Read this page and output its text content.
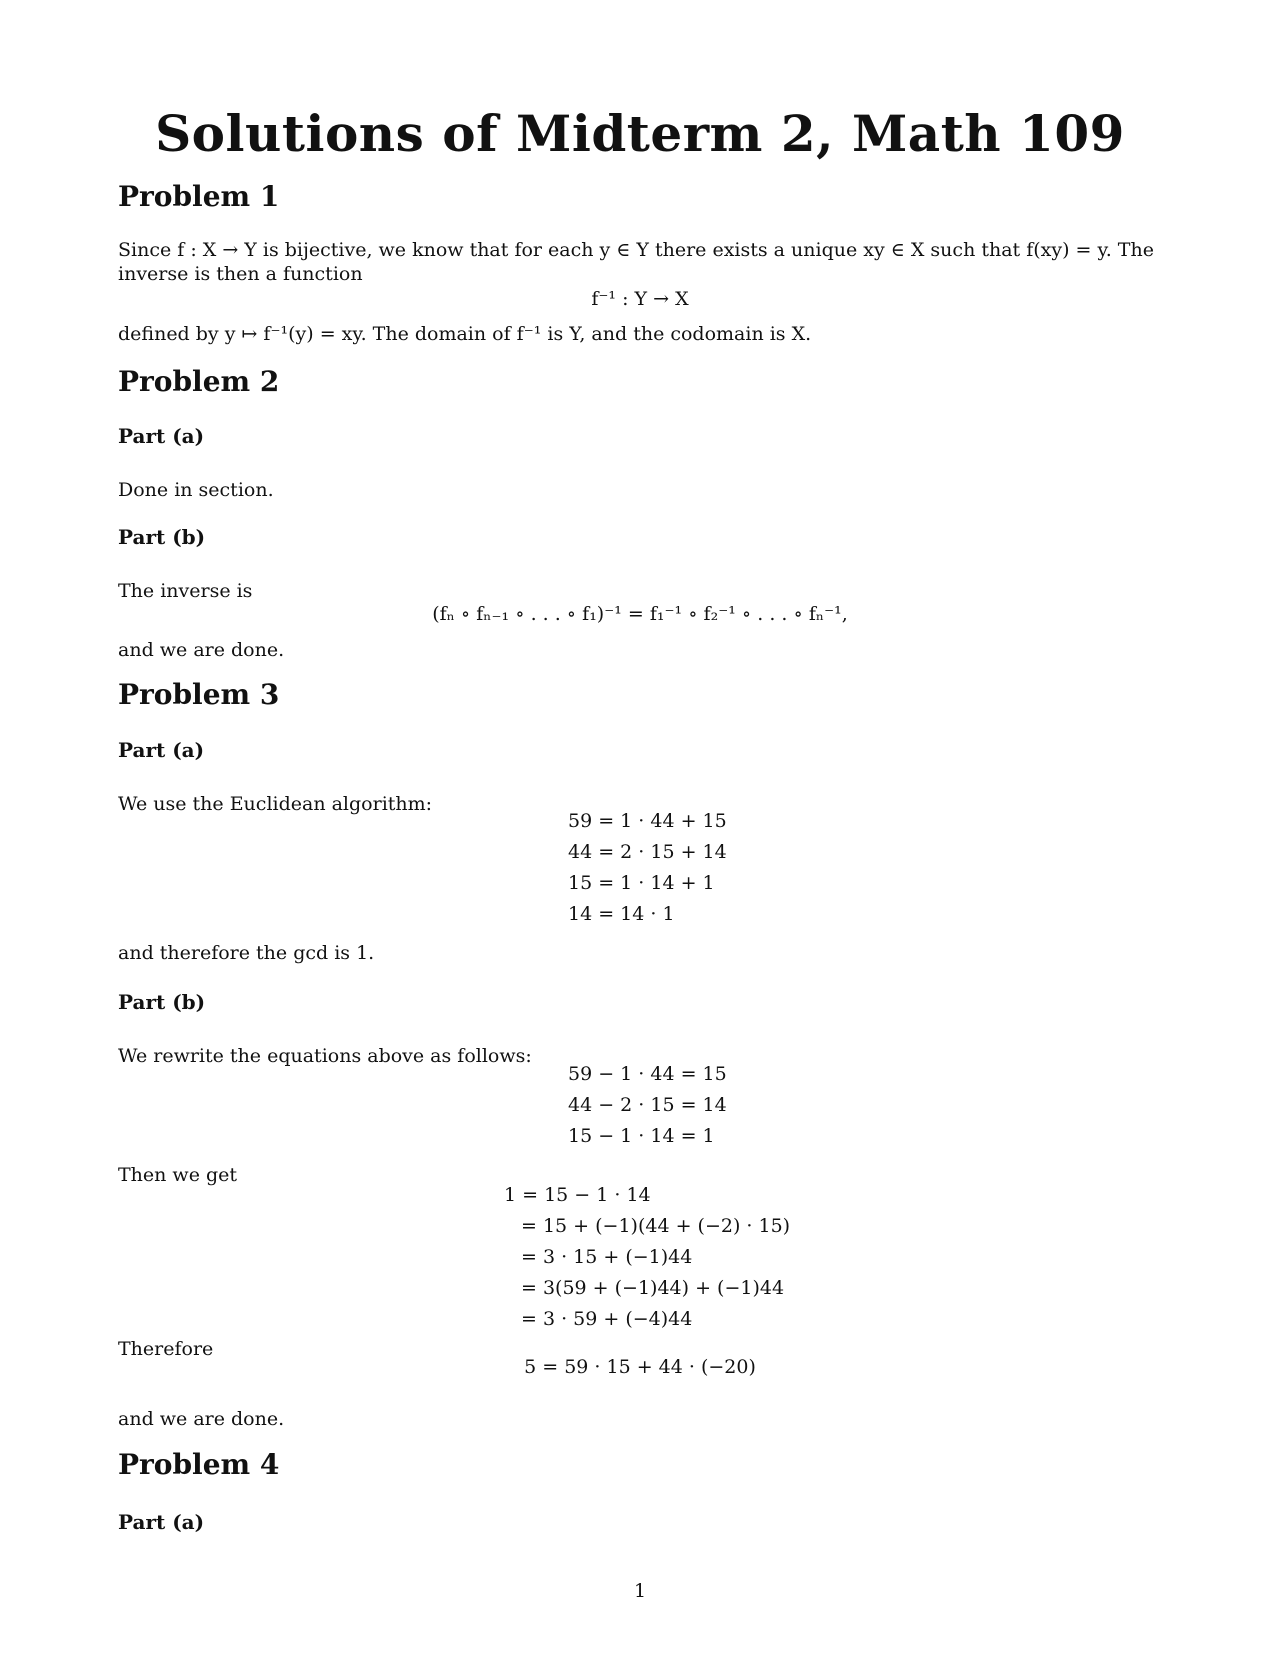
Solutions of Midterm 2, Math 109
Problem 1
Since f : X → Y is bijective, we know that for each y ∈ Y there exists a unique xy ∈ X such that f(xy) = y. The
inverse is then a function
f⁻¹ : Y → X
defined by y ↦ f⁻¹(y) = xy. The domain of f⁻¹ is Y, and the codomain is X.
Problem 2
Part (a)
Done in section.
Part (b)
The inverse is
(fₙ ∘ fₙ₋₁ ∘ . . . ∘ f₁)⁻¹ = f₁⁻¹ ∘ f₂⁻¹ ∘ . . . ∘ fₙ⁻¹,
and we are done.
Problem 3
Part (a)
We use the Euclidean algorithm:
59 = 1 · 44 + 15
44 = 2 · 15 + 14
15 = 1 · 14 + 1
14 = 14 · 1
and therefore the gcd is 1.
Part (b)
We rewrite the equations above as follows:
59 − 1 · 44 = 15
44 − 2 · 15 = 14
15 − 1 · 14 = 1
Then we get
1 = 15 − 1 · 14
= 15 + (−1)(44 + (−2) · 15)
= 3 · 15 + (−1)44
= 3(59 + (−1)44) + (−1)44
= 3 · 59 + (−4)44
Therefore
5 = 59 · 15 + 44 · (−20)
and we are done.
Problem 4
Part (a)
1
